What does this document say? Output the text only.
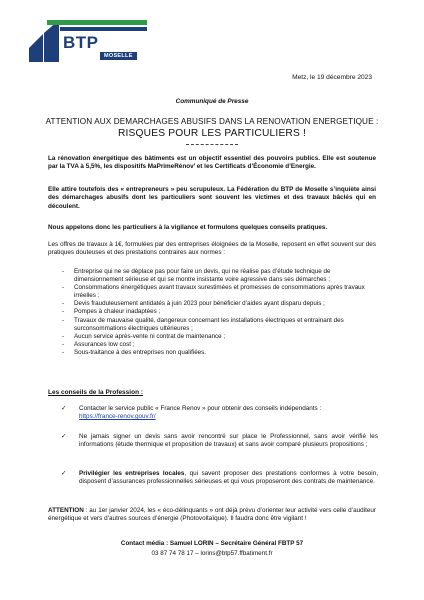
BTP
MOSELLE
Metz, le 19 décembre 2023
Communiqué de Presse
ATTENTION AUX DEMARCHAGES ABUSIFS DANS LA RENOVATION ENERGETIQUE :
RISQUES POUR LES PARTICULIERS !
La rénovation énergétique des bâtiments est un objectif essentiel des pouvoirs publics. Elle est soutenue par la TVA à 5,5%, les dispositifs MaPrimeRénov’ et les Certificats d’Économie d’Energie.
Elle attire toutefois des « entrepreneurs » peu scrupuleux. La Fédération du BTP de Moselle s’inquiète ainsi des démarchages abusifs dont les particuliers sont souvent les victimes et des travaux bâclés qui en découlent.
Nous appelons donc les particuliers à la vigilance et formulons quelques conseils pratiques.
Les offres de travaux à 1€, formulées par des entreprises éloignées de la Moselle, reposent en effet souvent sur des pratiques douteuses et des prestations contraires aux normes :
- Entreprise qui ne se déplace pas pour faire un devis, qui ne réalise pas d’étude technique de dimensionnement sérieuse et qui se montre insistante voire agressive dans ses démarches ;
- Consommations énergétiques avant travaux surestimées et promesses de consommations après travaux irréelles ;
- Devis frauduleusement antidatés à juin 2023 pour bénéficier d’aides ayant disparu depuis ;
- Pompes à chaleur inadaptées ;
- Travaux de mauvaise qualité, dangereux concernant les installations électriques et entrainant des surconsommations électriques ultérieures ;
- Aucun service après-vente ni contrat de maintenance ;
- Assurances low cost ;
- Sous-traitance à des entreprises non qualifiées.
Les conseils de la Profession :
✓ Contacter le service public « France Renov » pour obtenir des conseils indépendants :
https://france-renov.gouv.fr/
✓ Ne jamais signer un devis sans avoir rencontré sur place le Professionnel, sans avoir vérifié les informations (étude thermique et proposition de travaux) et sans avoir comparé plusieurs propositions ;
✓ Privilégier les entreprises locales, qui savent proposer des prestations conformes à votre besoin, disposent d’assurances professionnelles sérieuses et qui vous proposeront des contrats de maintenance.
ATTENTION : au 1er janvier 2024, les « éco-délinquants » ont déjà prévu d’orienter leur activité vers celle d’auditeur énergétique et vers d’autres sources d’énergie (Photovoltaïque). Il faudra donc être vigilant !
Contact média : Samuel LORIN – Secrétaire Général FBTP 57
03 87 74 78 17 – lorins@btp57.ffbatiment.fr
